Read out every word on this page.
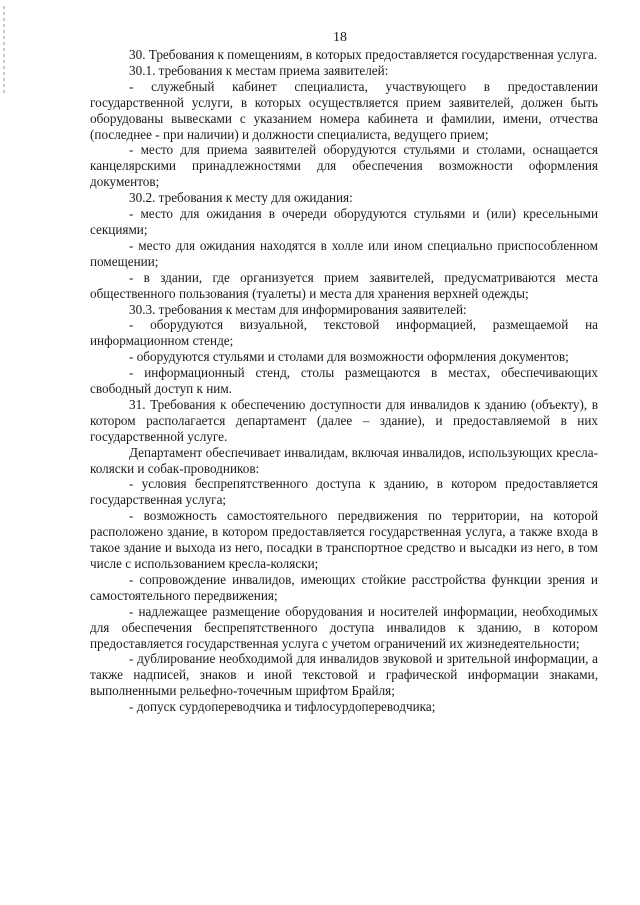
18

30. Требования к помещениям, в которых предоставляется государственная услуга.

30.1. требования к местам приема заявителей:

- служебный кабинет специалиста, участвующего в предоставлении государственной услуги, в которых осуществляется прием заявителей, должен быть оборудованы вывесками с указанием номера кабинета и фамилии, имени, отчества (последнее - при наличии) и должности специалиста, ведущего прием;

- место для приема заявителей оборудуются стульями и столами, оснащается канцелярскими принадлежностями для обеспечения возможности оформления документов;

30.2. требования к месту для ожидания:

- место для ожидания в очереди оборудуются стульями и (или) кресельными секциями;

- место для ожидания находятся в холле или ином специально приспособленном помещении;

- в здании, где организуется прием заявителей, предусматриваются места общественного пользования (туалеты) и места для хранения верхней одежды;

30.3. требования к местам для информирования заявителей:

- оборудуются визуальной, текстовой информацией, размещаемой на информационном стенде;

- оборудуются стульями и столами для возможности оформления документов;

- информационный стенд, столы размещаются в местах, обеспечивающих свободный доступ к ним.

31. Требования к обеспечению доступности для инвалидов к зданию (объекту), в котором располагается департамент (далее – здание), и предоставляемой в них государственной услуге.

Департамент обеспечивает инвалидам, включая инвалидов, использующих кресла-коляски и собак-проводников:

- условия беспрепятственного доступа к зданию, в котором предоставляется государственная услуга;

- возможность самостоятельного передвижения по территории, на которой расположено здание, в котором предоставляется государственная услуга, а также входа в такое здание и выхода из него, посадки в транспортное средство и высадки из него, в том числе с использованием кресла-коляски;

- сопровождение инвалидов, имеющих стойкие расстройства функции зрения и самостоятельного передвижения;

- надлежащее размещение оборудования и носителей информации, необходимых для обеспечения беспрепятственного доступа инвалидов к зданию, в котором предоставляется государственная услуга с учетом ограничений их жизнедеятельности;

- дублирование необходимой для инвалидов звуковой и зрительной информации, а также надписей, знаков и иной текстовой и графической информации знаками, выполненными рельефно-точечным шрифтом Брайля;

- допуск сурдопереводчика и тифлосурдопереводчика;
